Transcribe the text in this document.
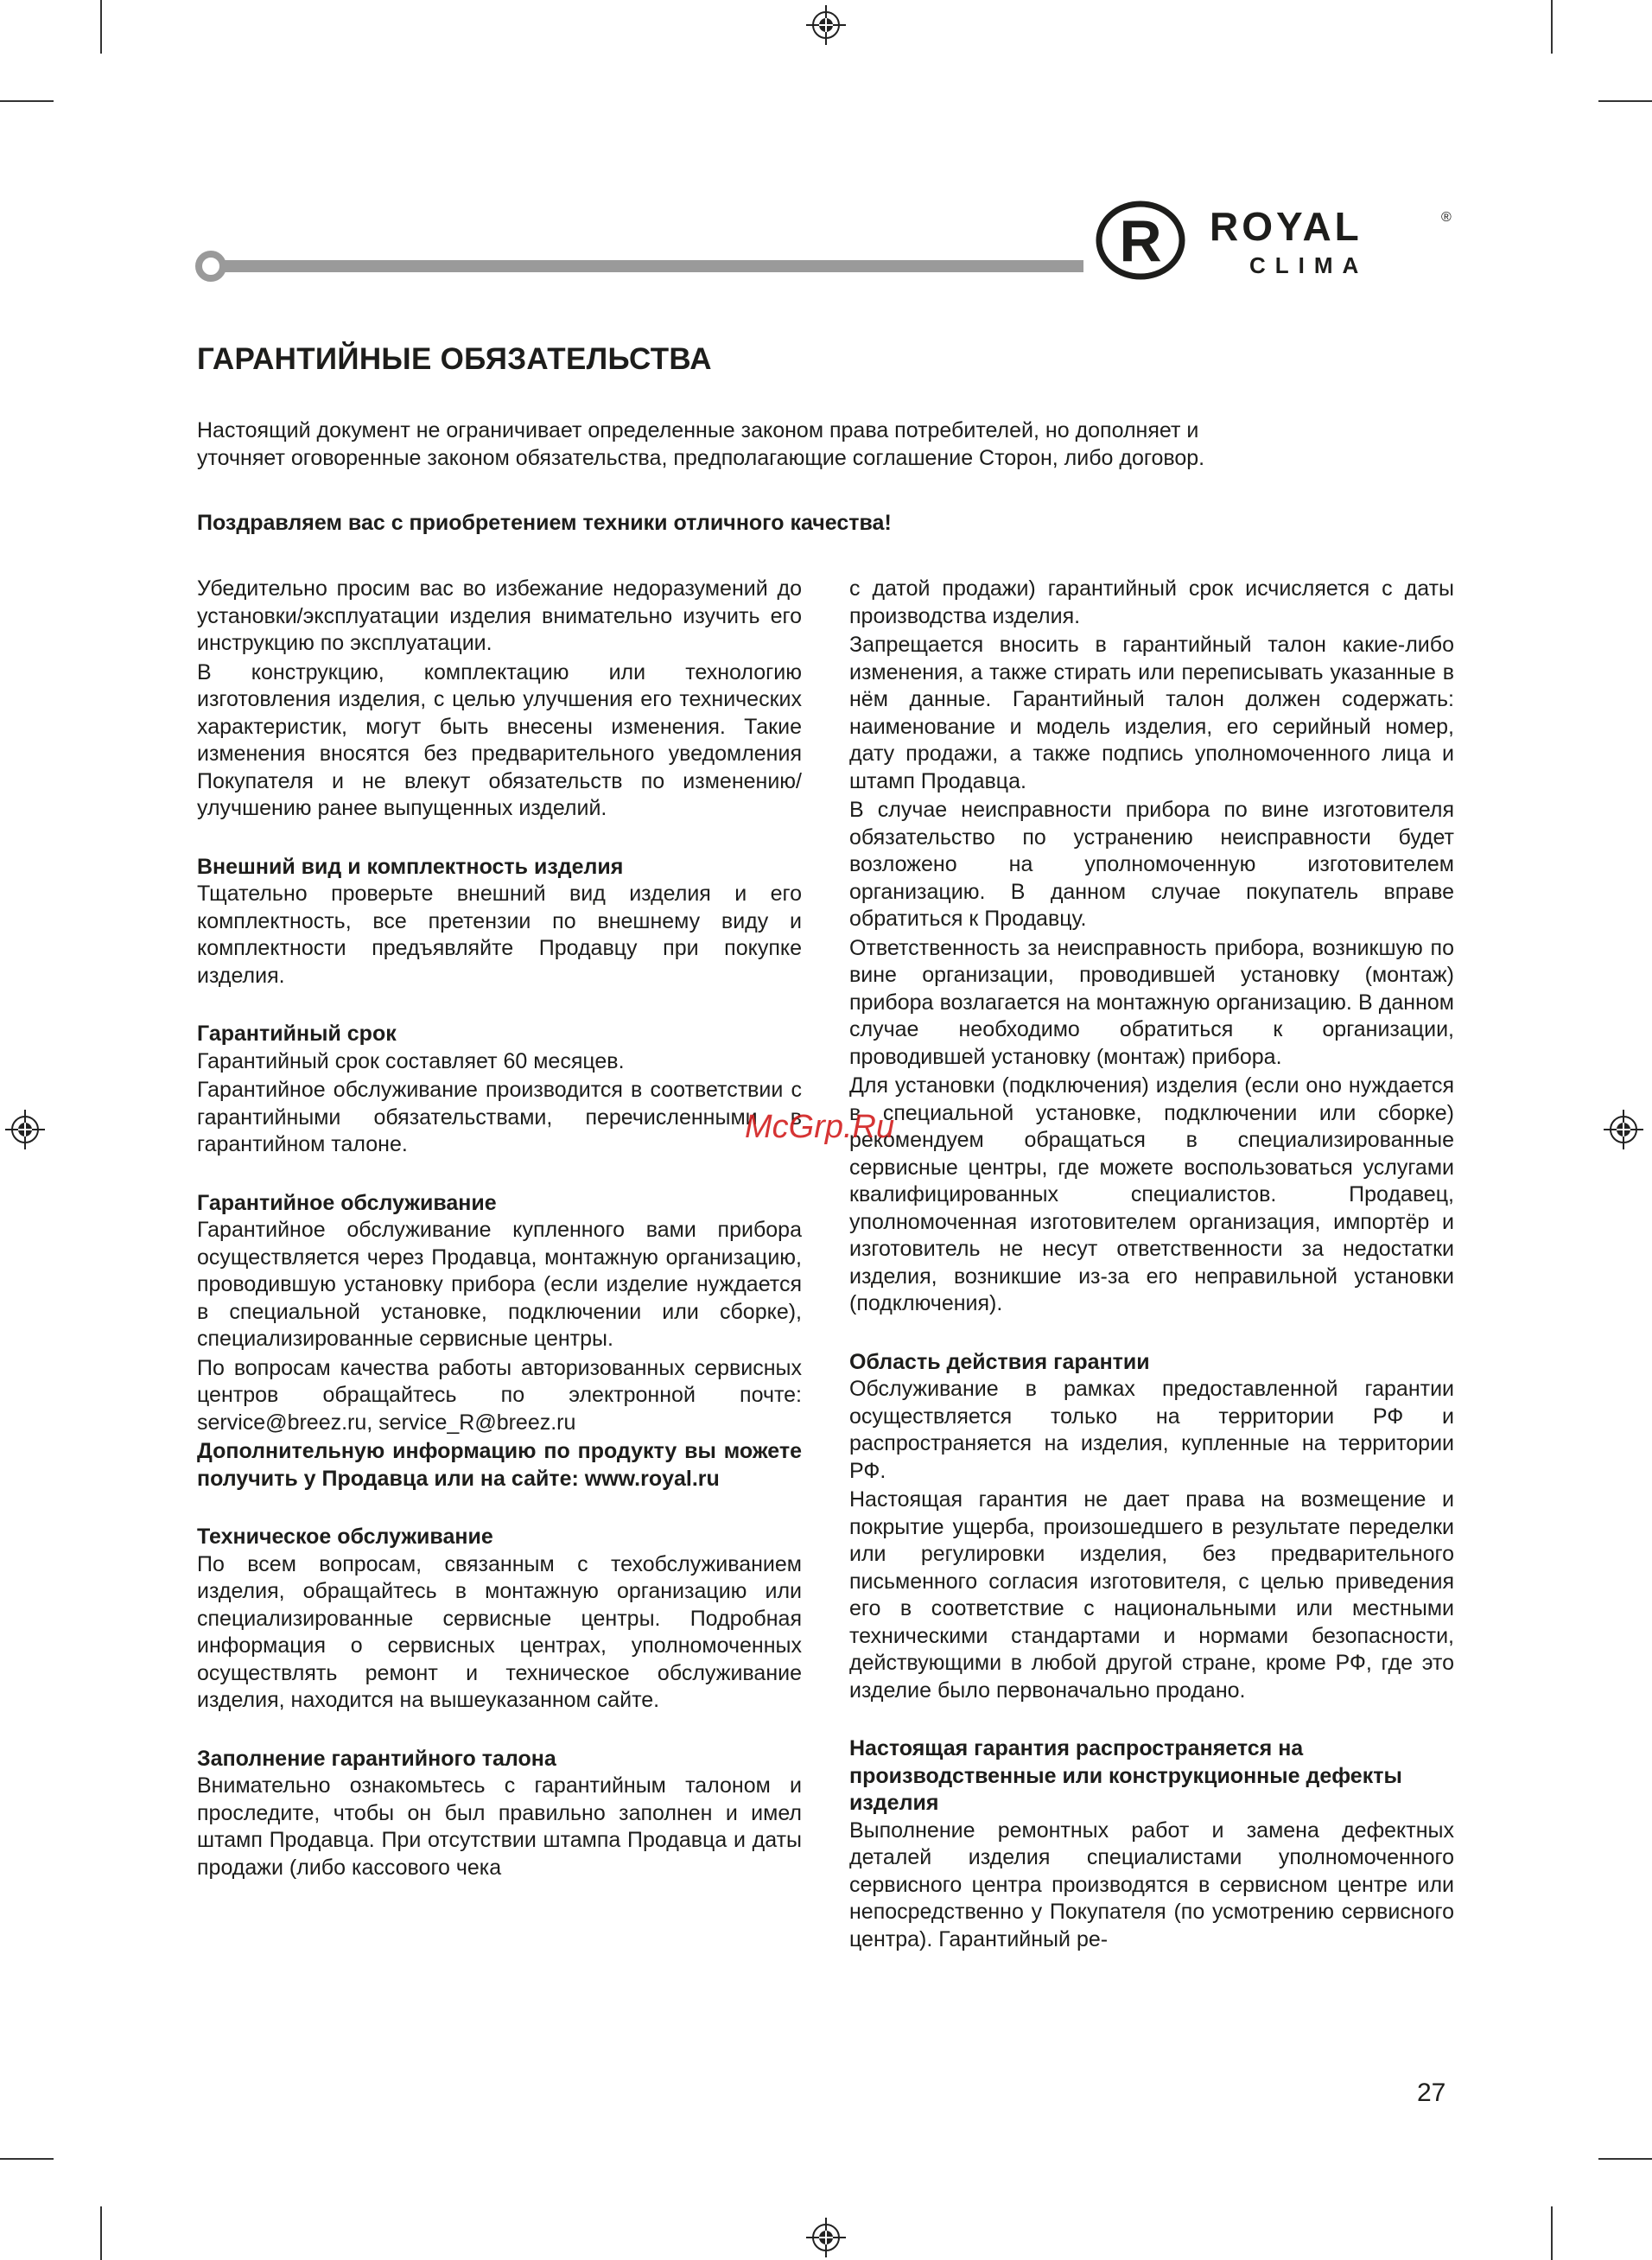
R ROYAL	®
CLIMA
ГАРАНТИЙНЫЕ ОБЯЗАТЕЛЬСТВА
Настоящий документ не ограничивает определенные законом права потребителей, но дополняет и уточняет оговоренные законом обязательства, предполагающие соглашение Сторон, либо договор.
Поздравляем вас с приобретением техники отличного качества!

Убедительно просим вас во избежание недоразумений до установки/эксплуатации изделия внимательно изучить его инструкцию по эксплуатации.

В конструкцию, комплектацию или технологию изготовления изделия, с целью улучшения его технических характеристик, могут быть внесены изменения. Такие изменения вносятся без предварительного уведомления Покупателя и не влекут обязательств по изменению/улучшению ранее выпущенных изделий.

Внешний вид и комплектность изделия

Тщательно проверьте внешний вид изделия и его комплектность, все претензии по внешнему виду и комплектности предъявляйте Продавцу при покупке изделия.

Гарантийный срок

Гарантийный срок составляет 60 месяцев.

Гарантийное обслуживание производится в соответствии с гарантийными обязательствами, перечисленными в гарантийном талоне.

Гарантийное обслуживание

Гарантийное обслуживание купленного вами прибора осуществляется через Продавца, монтажную организацию, проводившую установку прибора (если изделие нуждается в специальной установке, подключении или сборке), специализированные сервисные центры.

По вопросам качества работы авторизованных сервисных центров обращайтесь по электронной почте: service@breez.ru, service_R@breez.ru

Дополнительную информацию по продукту вы можете получить у Продавца или на сайте: www.royal.ru

Техническое обслуживание

По всем вопросам, связанным с техобслуживанием изделия, обращайтесь в монтажную организацию или специализированные сервисные центры. Подробная информация о сервисных центрах, уполномоченных осуществлять ремонт и техническое обслуживание изделия, находится на вышеуказанном сайте.

Заполнение гарантийного талона

Внимательно ознакомьтесь с гарантийным талоном и проследите, чтобы он был правильно заполнен и имел штамп Продавца. При отсутствии штампа Продавца и даты продажи (либо кассового чека

с датой продажи) гарантийный срок исчисляется с даты производства изделия.

Запрещается вносить в гарантийный талон какие-либо изменения, а также стирать или переписывать указанные в нём данные. Гарантийный талон должен содержать: наименование и модель изделия, его серийный номер, дату продажи, а также подпись уполномоченного лица и штамп Продавца.

В случае неисправности прибора по вине изготовителя обязательство по устранению неисправности будет возложено на уполномоченную изготовителем организацию. В данном случае покупатель вправе обратиться к Продавцу.

Ответственность за неисправность прибора, возникшую по вине организации, проводившей установку (монтаж) прибора возлагается на монтажную организацию. В данном случае необходимо обратиться к организации, проводившей установку (монтаж) прибора.

Для установки (подключения) изделия (если оно нуждается в специальной установке, подключении или сборке) рекомендуем обращаться в специализированные сервисные центры, где можете воспользоваться услугами квалифицированных специалистов. Продавец, уполномоченная изготовителем организация, импортёр и изготовитель не несут ответственности за недостатки изделия, возникшие из-за его неправильной установки (подключения).

Область действия гарантии

Обслуживание в рамках предоставленной гарантии осуществляется только на территории РФ и распространяется на изделия, купленные на территории РФ.

Настоящая гарантия не дает права на возмещение и покрытие ущерба, произошедшего в результате переделки или регулировки изделия, без предварительного письменного согласия изготовителя, с целью приведения его в соответствие с национальными или местными техническими стандартами и нормами безопасности, действующими в любой другой стране, кроме РФ, где это изделие было первоначально продано.

Настоящая гарантия распространяется на производственные или конструкционные дефекты изделия

Выполнение ремонтных работ и замена дефектных деталей изделия специалистами уполномоченного сервисного центра производятся в сервисном центре или непосредственно у Покупателя (по усмотрению сервисного центра). Гарантийный ре-

McGrp.Ru
27
